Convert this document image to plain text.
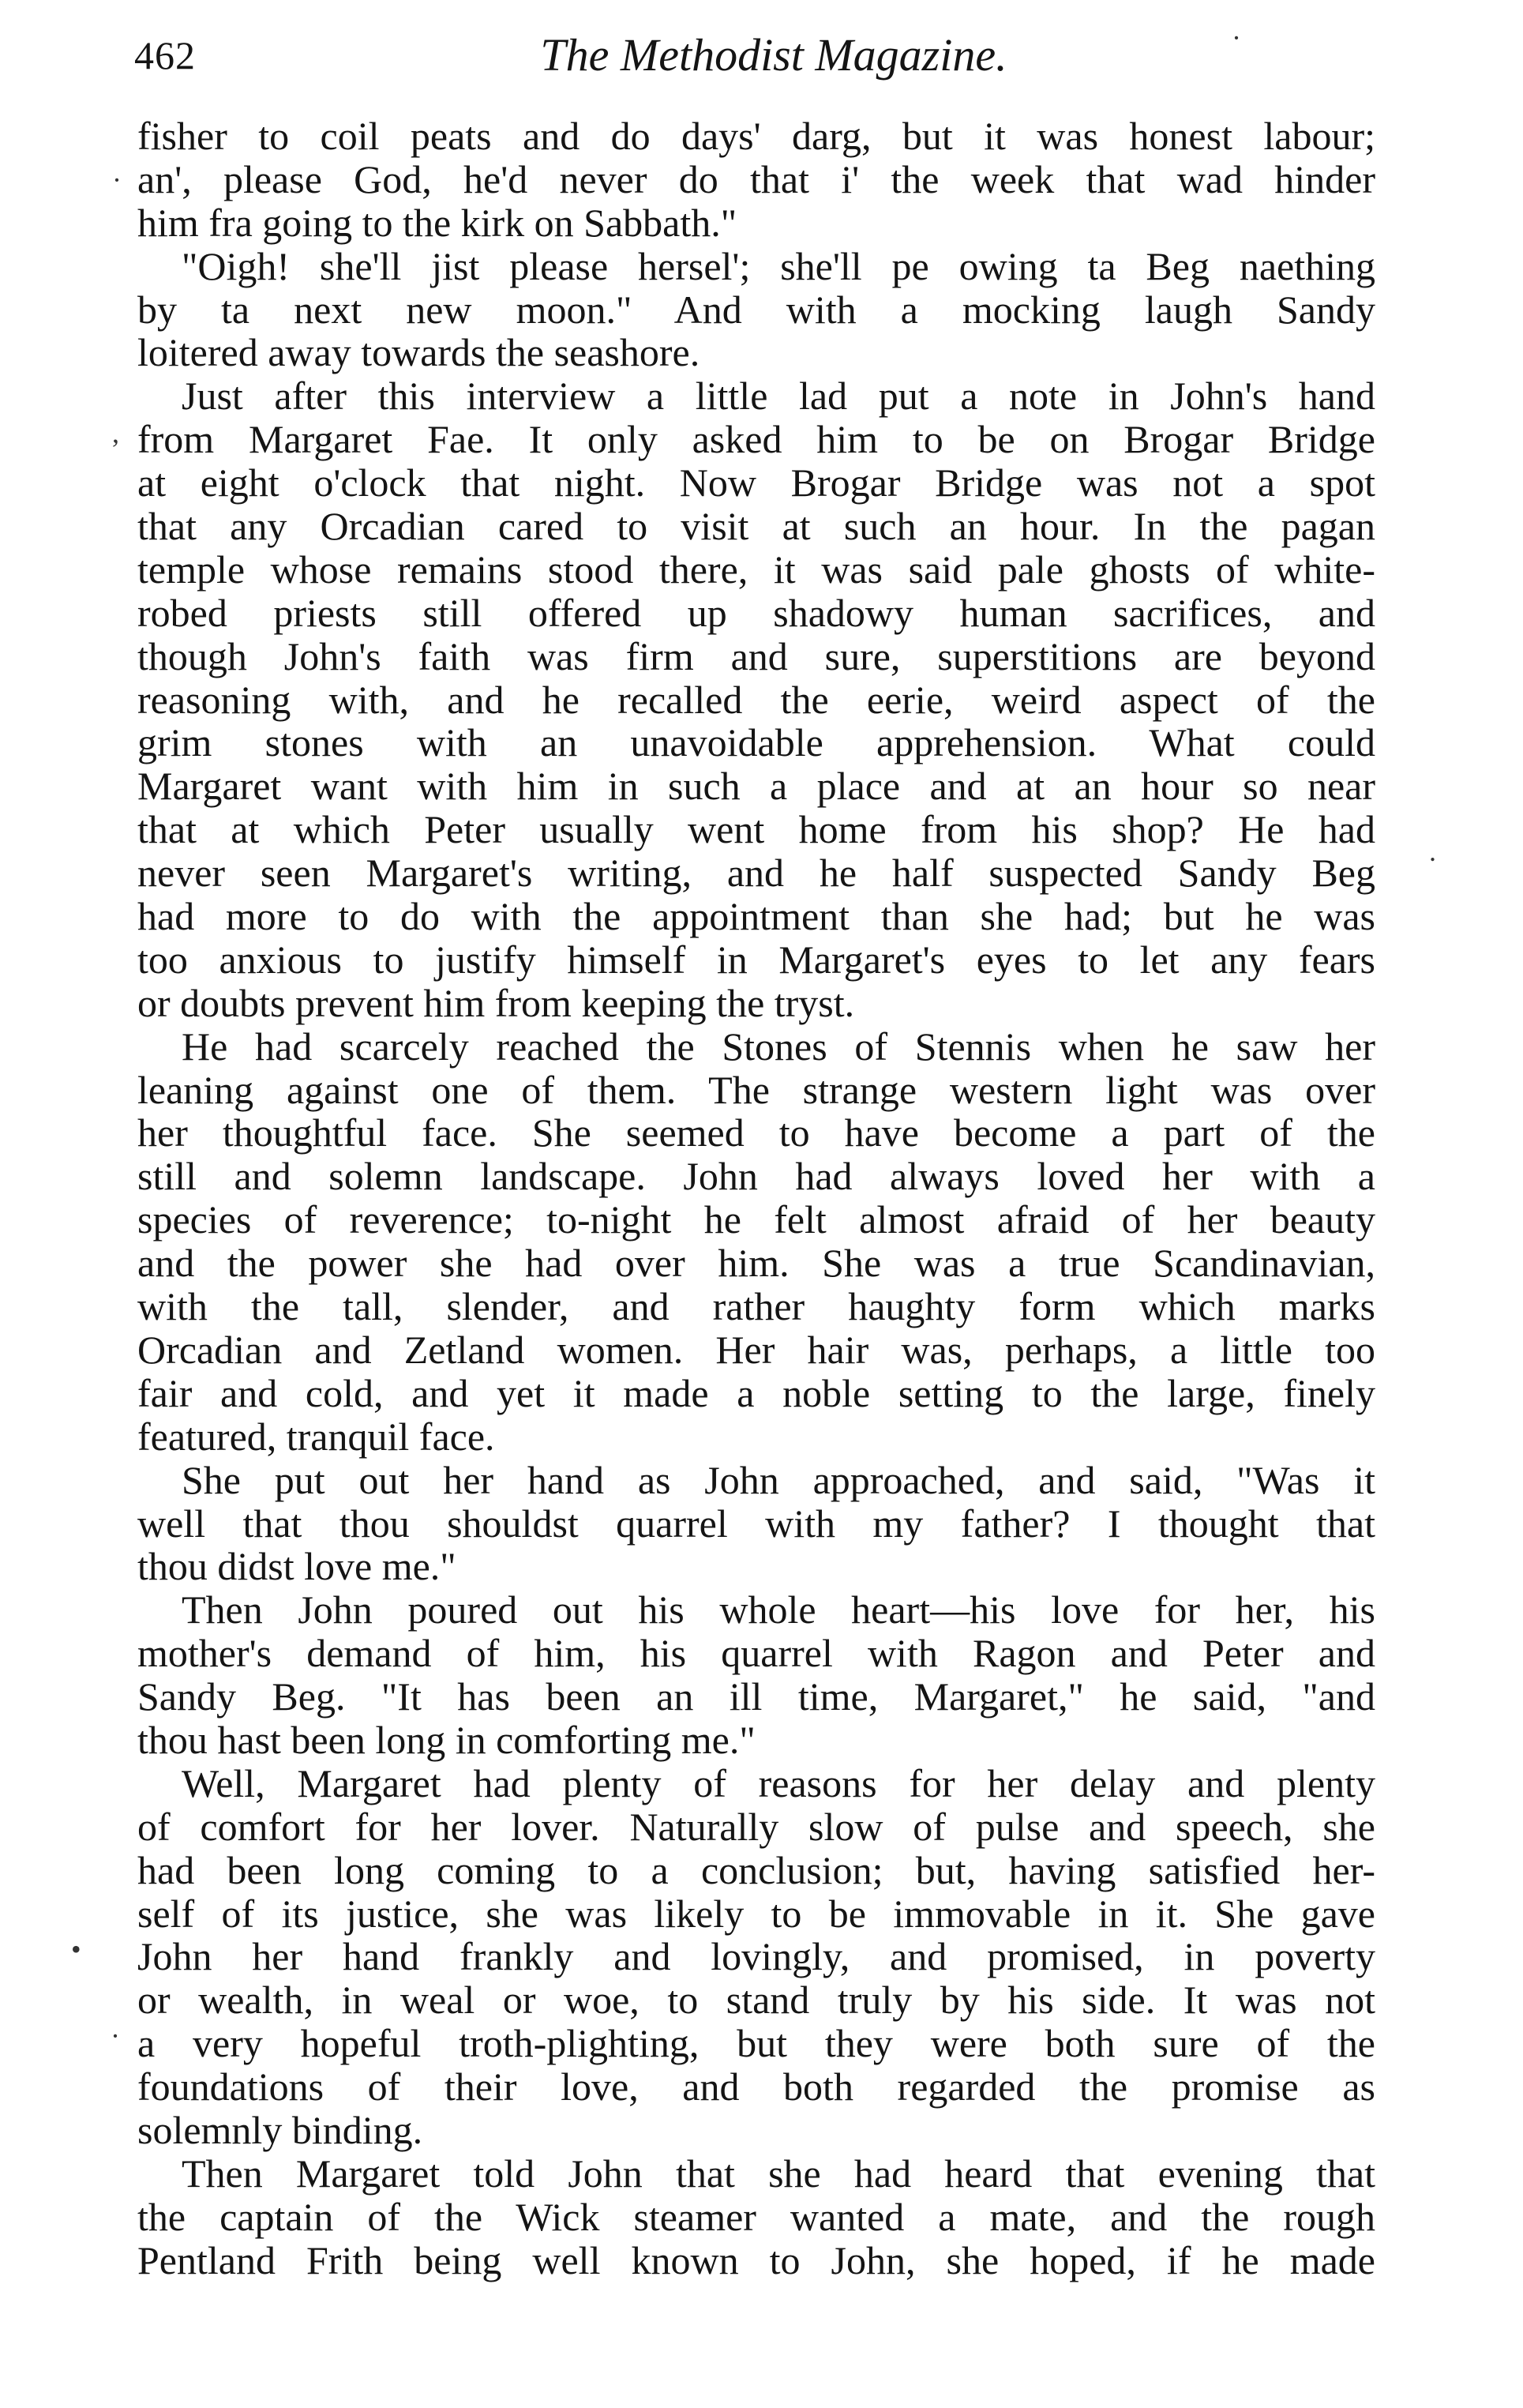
462	The Methodist Magazine.
fisher to coil peats and do days' darg, but it was honest labour;
an', please God, he'd never do that i' the week that wad hinder
him fra going to the kirk on Sabbath."
"Oigh! she'll jist please hersel'; she'll pe owing ta Beg naething
by ta next new moon." And with a mocking laugh Sandy
loitered away towards the seashore.
Just after this interview a little lad put a note in John's hand
from Margaret Fae. It only asked him to be on Brogar Bridge
at eight o'clock that night. Now Brogar Bridge was not a spot
that any Orcadian cared to visit at such an hour. In the pagan
temple whose remains stood there, it was said pale ghosts of white-
robed priests still offered up shadowy human sacrifices, and
though John's faith was firm and sure, superstitions are beyond
reasoning with, and he recalled the eerie, weird aspect of the
grim stones with an unavoidable apprehension. What could
Margaret want with him in such a place and at an hour so near
that at which Peter usually went home from his shop? He had
never seen Margaret's writing, and he half suspected Sandy Beg
had more to do with the appointment than she had; but he was
too anxious to justify himself in Margaret's eyes to let any fears
or doubts prevent him from keeping the tryst.
He had scarcely reached the Stones of Stennis when he saw her
leaning against one of them. The strange western light was over
her thoughtful face. She seemed to have become a part of the
still and solemn landscape. John had always loved her with a
species of reverence; to-night he felt almost afraid of her beauty
and the power she had over him. She was a true Scandinavian,
with the tall, slender, and rather haughty form which marks
Orcadian and Zetland women. Her hair was, perhaps, a little too
fair and cold, and yet it made a noble setting to the large, finely
featured, tranquil face.
She put out her hand as John approached, and said, "Was it
well that thou shouldst quarrel with my father? I thought that
thou didst love me."
Then John poured out his whole heart—his love for her, his
mother's demand of him, his quarrel with Ragon and Peter and
Sandy Beg. "It has been an ill time, Margaret," he said, "and
thou hast been long in comforting me."
Well, Margaret had plenty of reasons for her delay and plenty
of comfort for her lover. Naturally slow of pulse and speech, she
had been long coming to a conclusion; but, having satisfied her-
self of its justice, she was likely to be immovable in it. She gave
John her hand frankly and lovingly, and promised, in poverty
or wealth, in weal or woe, to stand truly by his side. It was not
a very hopeful troth-plighting, but they were both sure of the
foundations of their love, and both regarded the promise as
solemnly binding.
Then Margaret told John that she had heard that evening that
the captain of the Wick steamer wanted a mate, and the rough
Pentland Frith being well known to John, she hoped, if he made
·
,
.
•
·
·
